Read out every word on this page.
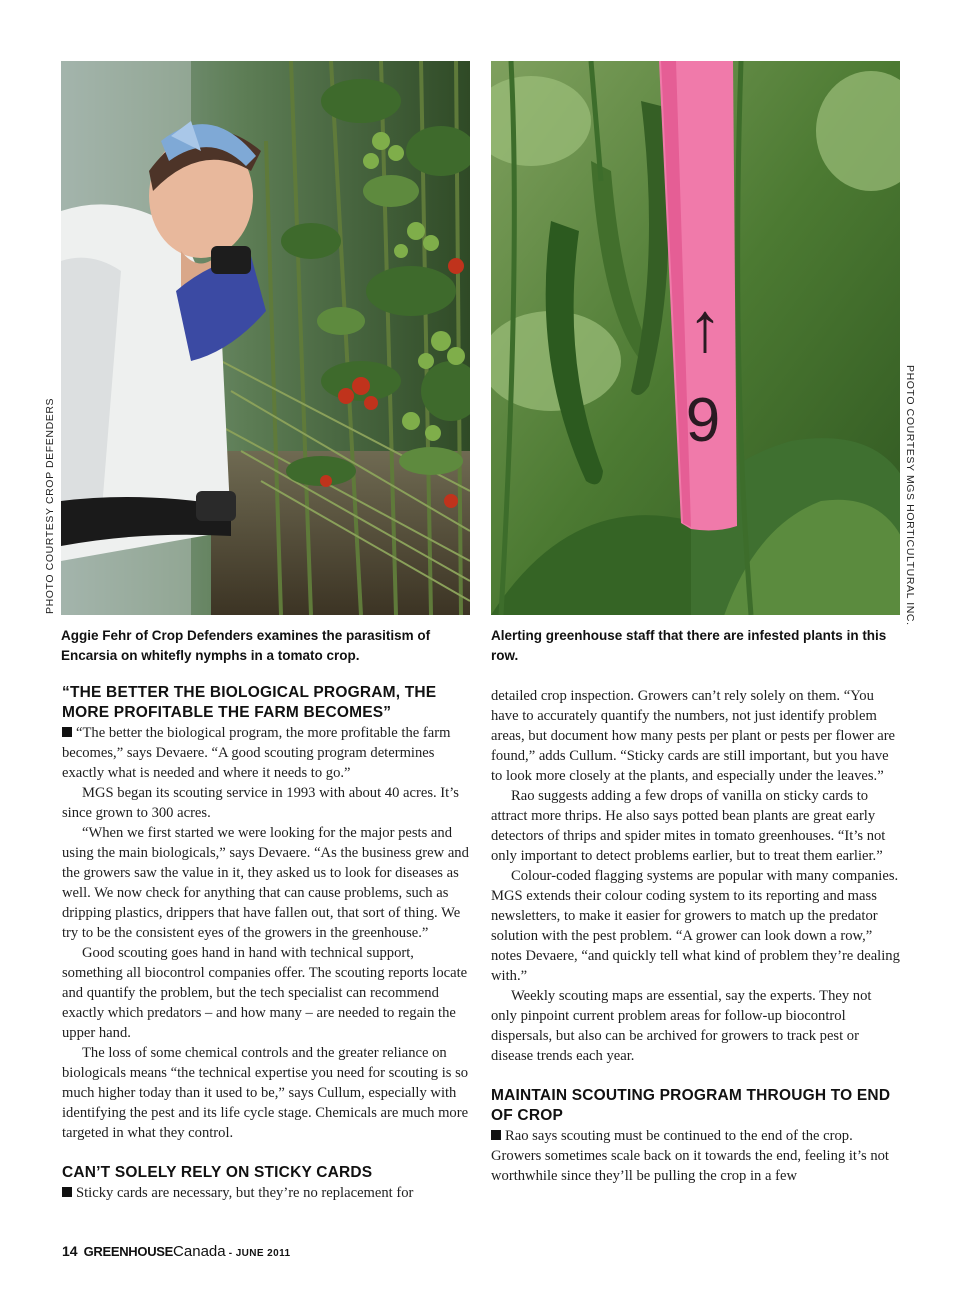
↑
9
PHOTO COURTESY CROP DEFENDERS	PHOTO COURTESY MGS HORTICULTURAL INC.
Aggie Fehr of Crop Defenders examines the parasitism of Encarsia on whitefly nymphs in a tomato crop.
Alerting greenhouse staff that there are infested plants in this row.
“THE BETTER THE BIOLOGICAL PROGRAM, THE MORE PROFITABLE THE FARM BECOMES”

“The better the biological program, the more profitable the farm becomes,” says Devaere. “A good scouting program determines exactly what is needed and where it needs to go.”

MGS began its scouting service in 1993 with about 40 acres. It’s since grown to 300 acres.

“When we first started we were looking for the major pests and using the main biologicals,” says Devaere. “As the business grew and the growers saw the value in it, they asked us to look for diseases as well. We now check for anything that can cause problems, such as dripping plastics, drippers that have fallen out, that sort of thing. We try to be the consistent eyes of the growers in the greenhouse.”

Good scouting goes hand in hand with technical support, something all biocontrol companies offer. The scouting reports locate and quantify the problem, but the tech specialist can recommend exactly which predators – and how many – are needed to regain the upper hand.

The loss of some chemical controls and the greater reliance on biologicals means “the technical expertise you need for scouting is so much higher today than it used to be,” says Cullum, especially with identifying the pest and its life cycle stage. Chemicals are much more targeted in what they control.

CAN’T SOLELY RELY ON STICKY CARDS

Sticky cards are necessary, but they’re no replacement for

detailed crop inspection. Growers can’t rely solely on them. “You have to accurately quantify the numbers, not just identify problem areas, but document how many pests per plant or pests per flower are found,” adds Cullum. “Sticky cards are still important, but you have to look more closely at the plants, and especially under the leaves.”

Rao suggests adding a few drops of vanilla on sticky cards to attract more thrips. He also says potted bean plants are great early detectors of thrips and spider mites in tomato greenhouses. “It’s not only important to detect problems earlier, but to treat them earlier.”

Colour-coded flagging systems are popular with many companies. MGS extends their colour coding system to its reporting and mass newsletters, to make it easier for growers to match up the predator solution with the pest problem. “A grower can look down a row,” notes Devaere, “and quickly tell what kind of problem they’re dealing with.”

Weekly scouting maps are essential, say the experts. They not only pinpoint current problem areas for follow-up biocontrol dispersals, but also can be archived for growers to track pest or disease trends each year.

MAINTAIN SCOUTING PROGRAM THROUGH TO END OF CROP

Rao says scouting must be continued to the end of the crop. Growers sometimes scale back on it towards the end, feeling it’s not worthwhile since they’ll be pulling the crop in a few

14 GREENHOUSECanada - JUNE 2011
